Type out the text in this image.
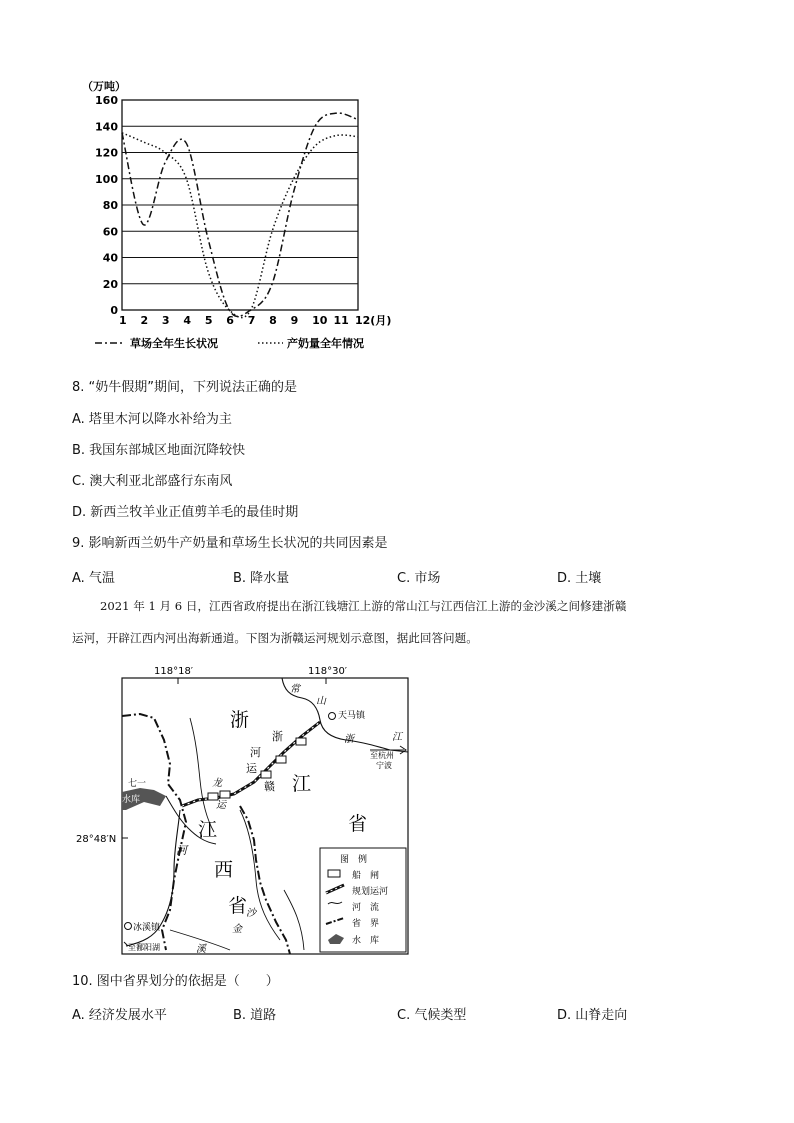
（万吨）
0
20
40
60
80
100
120
140
160
1 2 3 4 5 6 7 8 9 10 11 12(月)
草场全年生长状况	产奶量全年情况
8. “奶牛假期”期间，下列说法正确的是
A. 塔里木河以降水补给为主
B. 我国东部城区地面沉降较快
C. 澳大利亚北部盛行东南风
D. 新西兰牧羊业正值剪羊毛的最佳时期
9. 影响新西兰奶牛产奶量和草场生长状况的共同因素是
A. 气温	B. 降水量	C. 市场	D. 土壤
2021 年 1 月 6 日，江西省政府提出在浙江钱塘江上游的常山江与江西信江上游的金沙溪之间修建浙赣
运河，开辟江西内河出海新通道。下图为浙赣运河规划示意图，据此回答问题。
118°18′	118°30′
28°48′N
七一
水库
天马镇
冰溪镇
常
山
江
浙
至杭州
宁波
龙
运
河
金
沙
溪
至鄱阳湖
浙
赣
运
河
浙
江
省
江
西
省
图　例
船　闸
规划运河
河　流
省　界
水　库
10. 图中省界划分的依据是（　　）
A. 经济发展水平	B. 道路	C. 气候类型	D. 山脊走向
